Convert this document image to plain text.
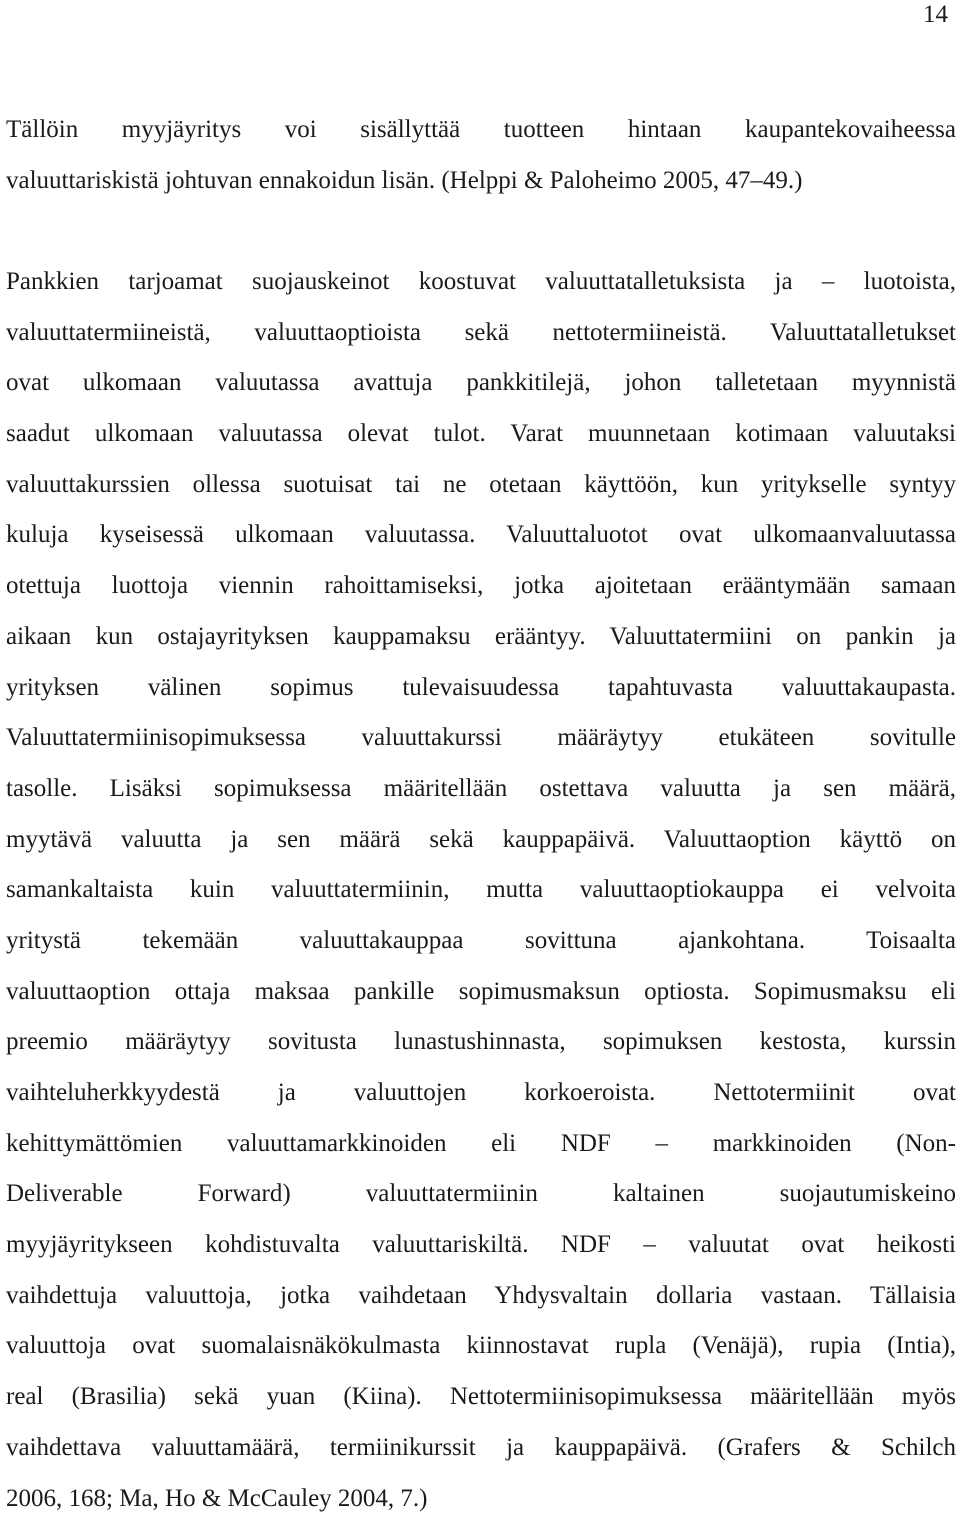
14
Tällöin myyjäyritys voi sisällyttää tuotteen hintaan kaupantekovaiheessa
valuuttariskistä johtuvan ennakoidun lisän. (Helppi & Paloheimo 2005, 47–49.)
Pankkien tarjoamat suojauskeinot koostuvat valuuttatalletuksista ja – luotoista,
valuuttatermiineistä, valuuttaoptioista sekä nettotermiineistä. Valuuttatalletukset
ovat ulkomaan valuutassa avattuja pankkitilejä, johon talletetaan myynnistä
saadut ulkomaan valuutassa olevat tulot. Varat muunnetaan kotimaan valuutaksi
valuuttakurssien ollessa suotuisat tai ne otetaan käyttöön, kun yritykselle syntyy
kuluja kyseisessä ulkomaan valuutassa. Valuuttaluotot ovat ulkomaanvaluutassa
otettuja luottoja viennin rahoittamiseksi, jotka ajoitetaan erääntymään samaan
aikaan kun ostajayrityksen kauppamaksu erääntyy. Valuuttatermiini on pankin ja
yrityksen välinen sopimus tulevaisuudessa tapahtuvasta valuuttakaupasta.
Valuuttatermiinisopimuksessa valuuttakurssi määräytyy etukäteen sovitulle
tasolle. Lisäksi sopimuksessa määritellään ostettava valuutta ja sen määrä,
myytävä valuutta ja sen määrä sekä kauppapäivä. Valuuttaoption käyttö on
samankaltaista kuin valuuttatermiinin, mutta valuuttaoptiokauppa ei velvoita
yritystä tekemään valuuttakauppaa sovittuna ajankohtana. Toisaalta
valuuttaoption ottaja maksaa pankille sopimusmaksun optiosta. Sopimusmaksu eli
preemio määräytyy sovitusta lunastushinnasta, sopimuksen kestosta, kurssin
vaihteluherkkyydestä ja valuuttojen korkoeroista. Nettotermiinit ovat
kehittymättömien valuuttamarkkinoiden eli NDF – markkinoiden (Non-
Deliverable Forward) valuuttatermiinin kaltainen suojautumiskeino
myyjäyritykseen kohdistuvalta valuuttariskiltä. NDF – valuutat ovat heikosti
vaihdettuja valuuttoja, jotka vaihdetaan Yhdysvaltain dollaria vastaan. Tällaisia
valuuttoja ovat suomalaisnäkökulmasta kiinnostavat rupla (Venäjä), rupia (Intia),
real (Brasilia) sekä yuan (Kiina). Nettotermiinisopimuksessa määritellään myös
vaihdettava valuuttamäärä, termiinikurssit ja kauppapäivä. (Grafers & Schilch
2006, 168; Ma, Ho & McCauley 2004, 7.)
